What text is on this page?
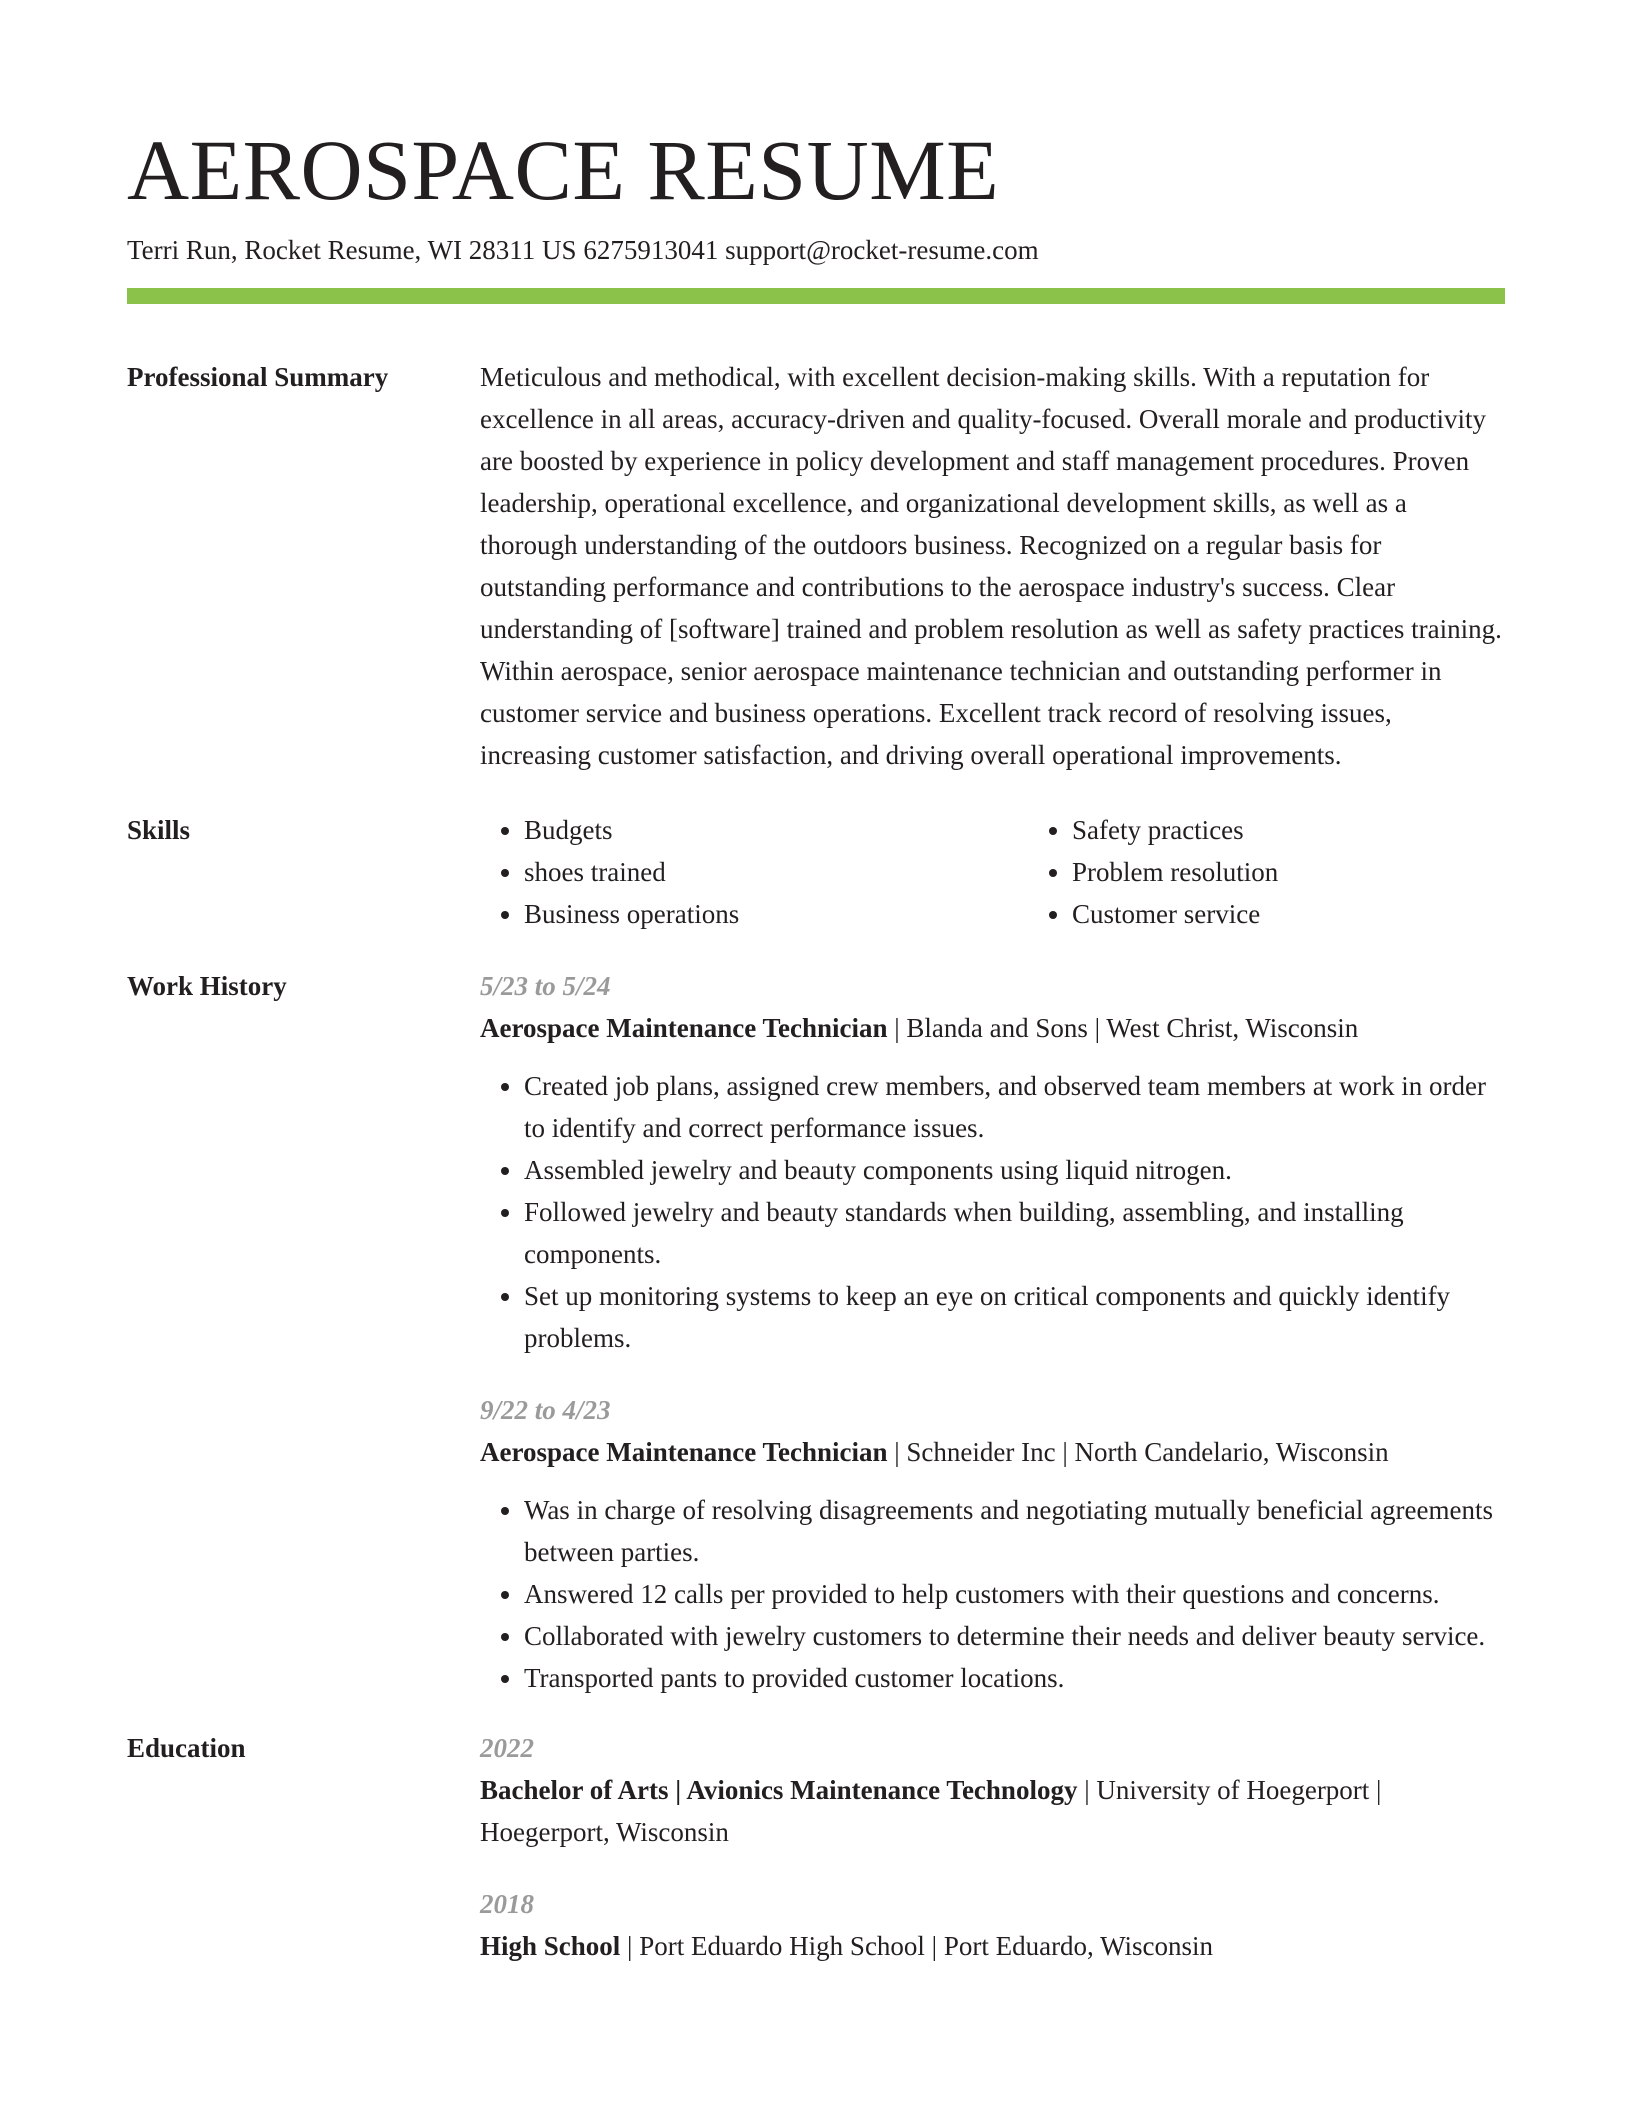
AEROSPACE RESUME
Terri Run, Rocket Resume, WI 28311 US 6275913041 support@rocket-resume.com
Professional Summary	Meticulous and methodical, with excellent decision-making skills. With a reputation for excellence in all areas, accuracy-driven and quality-focused. Overall morale and productivity are boosted by experience in policy development and staff management procedures. Proven leadership, operational excellence, and organizational development skills, as well as a thorough understanding of the outdoors business. Recognized on a regular basis for outstanding performance and contributions to the aerospace industry's success. Clear understanding of [software] trained and problem resolution as well as safety practices training. Within aerospace, senior aerospace maintenance technician and outstanding performer in customer service and business operations. Excellent track record of resolving issues, increasing customer satisfaction, and driving overall operational improvements.

Skills
•	Budgets
• shoes trained
• Business operations
• Safety practices
• Problem resolution
• Customer service
Work History	5/23 to 5/24
Aerospace Maintenance Technician | Blanda and Sons | West Christ, Wisconsin
• Created job plans, assigned crew members, and observed team members at work in order to identify and correct performance issues.
• Assembled jewelry and beauty components using liquid nitrogen.
• Followed jewelry and beauty standards when building, assembling, and installing components.
• Set up monitoring systems to keep an eye on critical components and quickly identify problems.
9/22 to 4/23
Aerospace Maintenance Technician | Schneider Inc | North Candelario, Wisconsin
• Was in charge of resolving disagreements and negotiating mutually beneficial agreements between parties.
• Answered 12 calls per provided to help customers with their questions and concerns.
• Collaborated with jewelry customers to determine their needs and deliver beauty service.
• Transported pants to provided customer locations.
Education	2022
Bachelor of Arts | Avionics Maintenance Technology | University of Hoegerport | Hoegerport, Wisconsin
2018
High School | Port Eduardo High School | Port Eduardo, Wisconsin
